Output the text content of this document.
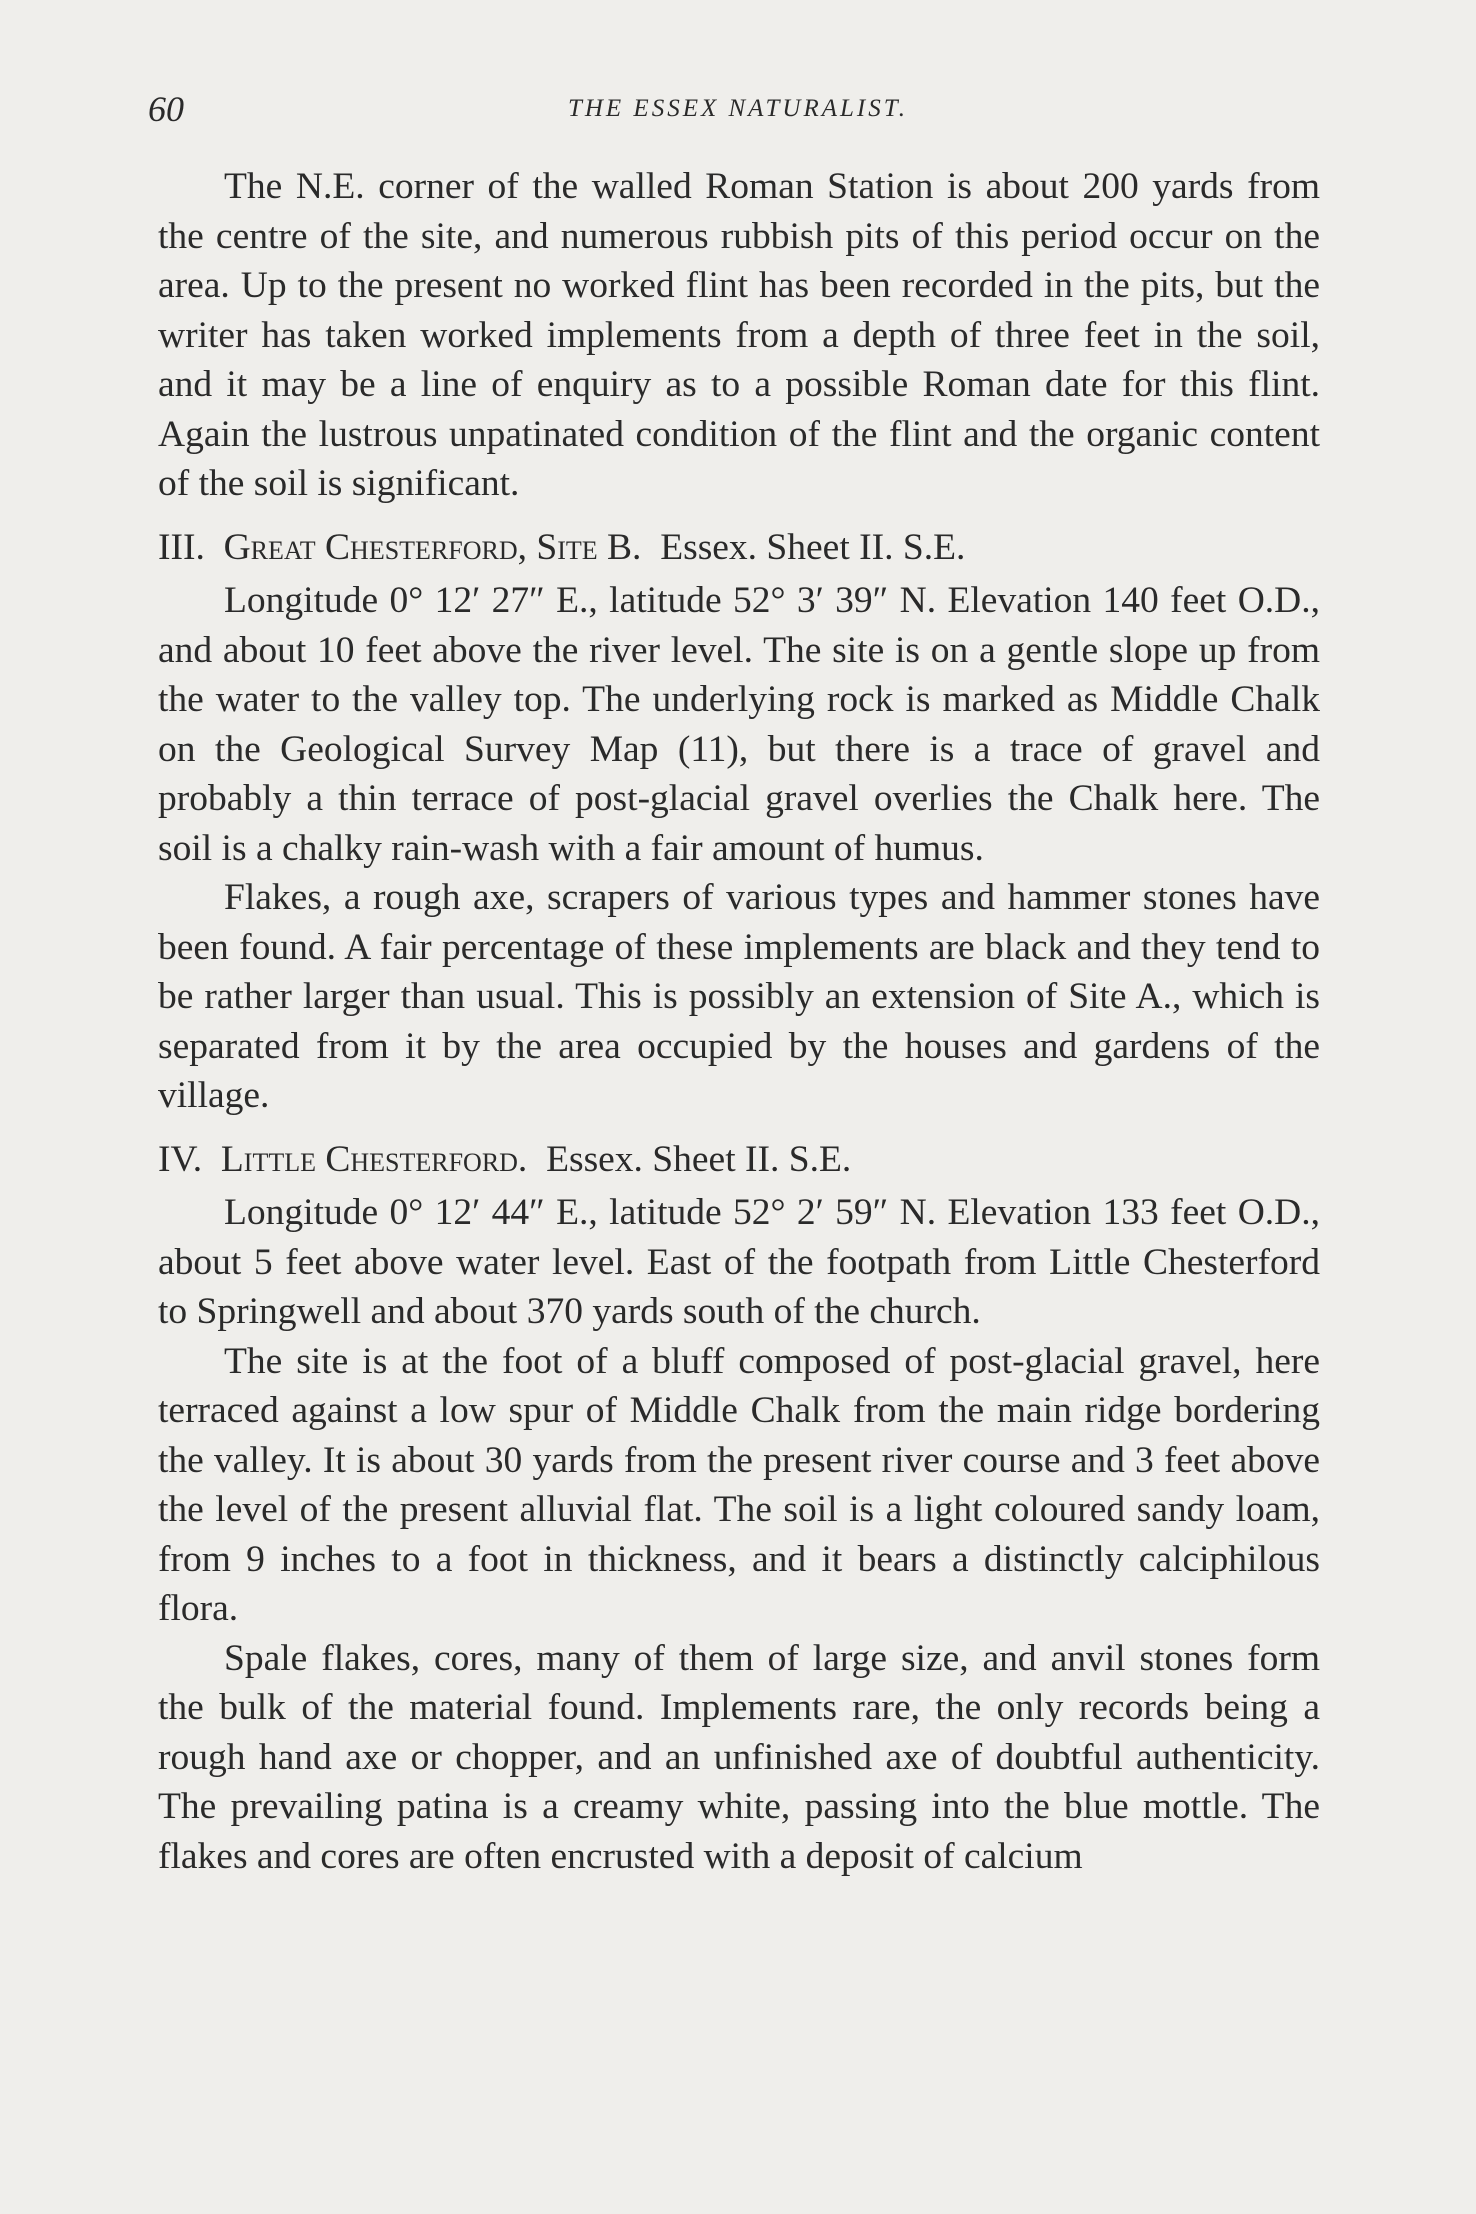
60	THE ESSEX NATURALIST.

The N.E. corner of the walled Roman Station is about 200 yards from the centre of the site, and numerous rubbish pits of this period occur on the area. Up to the present no worked flint has been recorded in the pits, but the writer has taken worked implements from a depth of three feet in the soil, and it may be a line of enquiry as to a possible Roman date for this flint. Again the lustrous unpatinated condition of the flint and the organic content of the soil is significant.

III. Great Chesterford, Site B. Essex. Sheet II. S.E.

Longitude 0° 12′ 27″ E., latitude 52° 3′ 39″ N. Elevation 140 feet O.D., and about 10 feet above the river level. The site is on a gentle slope up from the water to the valley top. The underlying rock is marked as Middle Chalk on the Geological Survey Map (11), but there is a trace of gravel and probably a thin terrace of post-glacial gravel overlies the Chalk here. The soil is a chalky rain-wash with a fair amount of humus.

Flakes, a rough axe, scrapers of various types and hammer stones have been found. A fair percentage of these implements are black and they tend to be rather larger than usual. This is possibly an extension of Site A., which is separated from it by the area occupied by the houses and gardens of the village.

IV. Little Chesterford. Essex. Sheet II. S.E.

Longitude 0° 12′ 44″ E., latitude 52° 2′ 59″ N. Elevation 133 feet O.D., about 5 feet above water level. East of the footpath from Little Chesterford to Springwell and about 370 yards south of the church.

The site is at the foot of a bluff composed of post-glacial gravel, here terraced against a low spur of Middle Chalk from the main ridge bordering the valley. It is about 30 yards from the present river course and 3 feet above the level of the present alluvial flat. The soil is a light coloured sandy loam, from 9 inches to a foot in thickness, and it bears a distinctly calciphilous flora.

Spale flakes, cores, many of them of large size, and anvil stones form the bulk of the material found. Implements rare, the only records being a rough hand axe or chopper, and an unfinished axe of doubtful authenticity. The prevailing patina is a creamy white, passing into the blue mottle. The flakes and cores are often encrusted with a deposit of calcium
